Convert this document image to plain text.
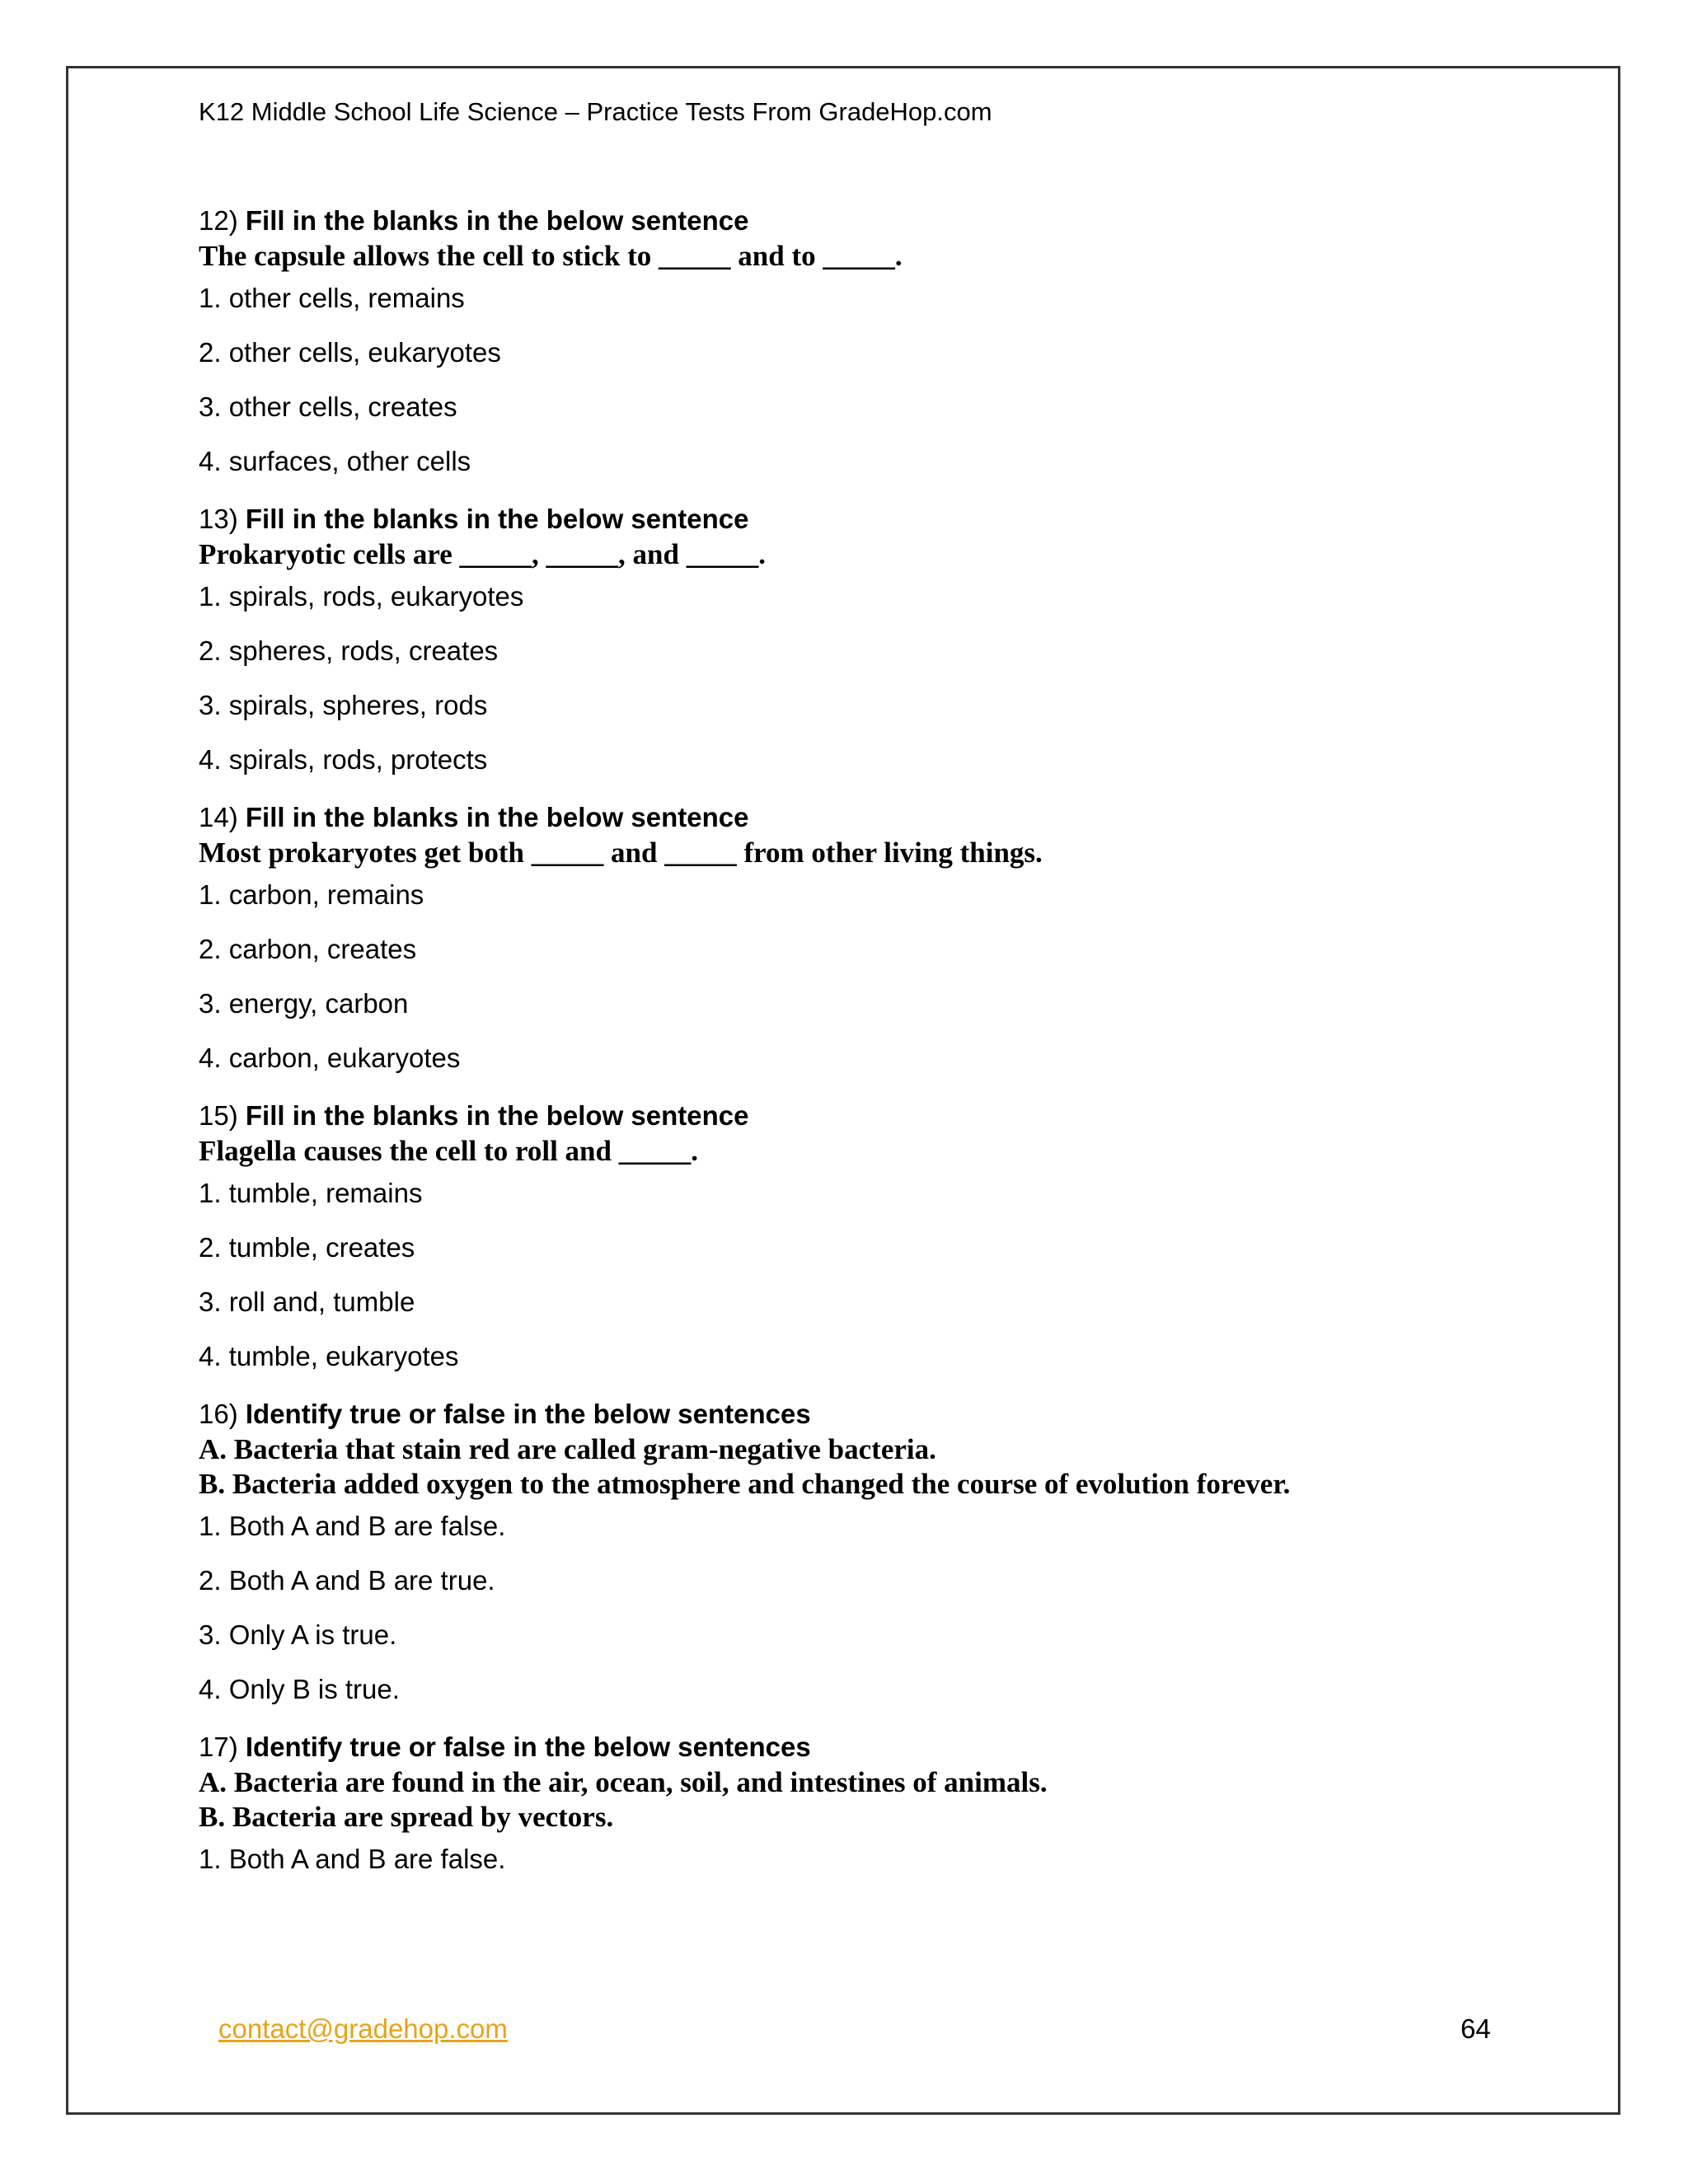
K12 Middle School Life Science – Practice Tests From GradeHop.com
12) Fill in the blanks in the below sentence
The capsule allows the cell to stick to _____ and to _____.
1. other cells, remains
2. other cells, eukaryotes
3. other cells, creates
4. surfaces, other cells
13) Fill in the blanks in the below sentence
Prokaryotic cells are _____, _____, and _____.
1. spirals, rods, eukaryotes
2. spheres, rods, creates
3. spirals, spheres, rods
4. spirals, rods, protects
14) Fill in the blanks in the below sentence
Most prokaryotes get both _____ and _____ from other living things.
1. carbon, remains
2. carbon, creates
3. energy, carbon
4. carbon, eukaryotes
15) Fill in the blanks in the below sentence
Flagella causes the cell to roll and _____.
1. tumble, remains
2. tumble, creates
3. roll and, tumble
4. tumble, eukaryotes
16) Identify true or false in the below sentences
A. Bacteria that stain red are called gram-negative bacteria.
B. Bacteria added oxygen to the atmosphere and changed the course of evolution forever.
1. Both A and B are false.
2. Both A and B are true.
3. Only A is true.
4. Only B is true.
17) Identify true or false in the below sentences
A. Bacteria are found in the air, ocean, soil, and intestines of animals.
B. Bacteria are spread by vectors.
1. Both A and B are false.
contact@gradehop.com	64
